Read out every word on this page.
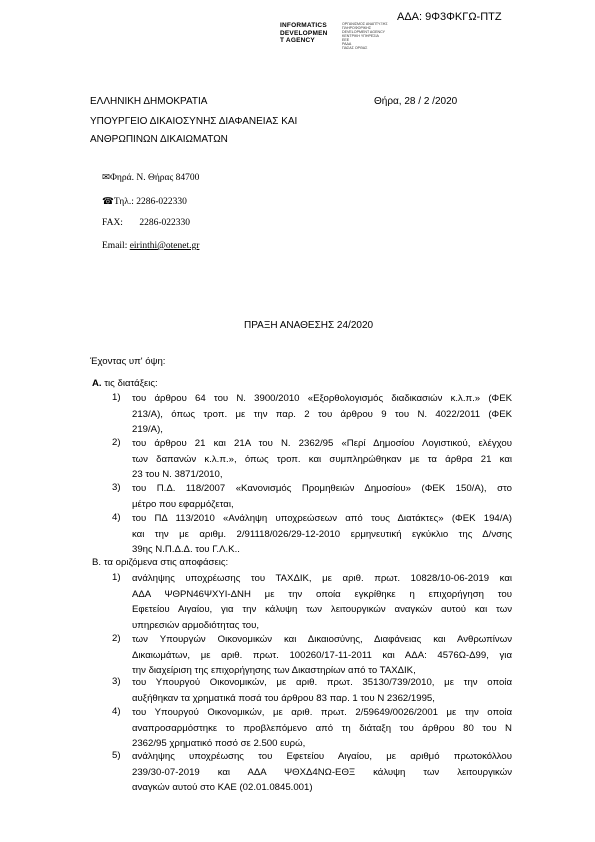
ΑΔΑ: 9Φ3ΦΚΓΩ-ΠΤΖ
INFORMATICS
DEVELOPMEN
T AGENCY
ΟΡΓΑΝΙΣΜΟΣ ΑΝΑΠΤΥΞΗΣ
ΠΛΗΡΟΦΟΡΙΚΗΣ
DEVELOPMENT AGENCY
ΚΕΝΤΡΙΚΗ ΥΠΗΡΕΣΙΑ
ΕΕΕ
ΡΑΔΑ
ΠΑΣΑΣ ΟΡΘΑΣ
ΕΛΛΗΝΙΚΗ ΔΗΜΟΚΡΑΤΙΑ
ΥΠΟΥΡΓΕΙΟ ΔΙΚΑΙΟΣΥΝΗΣ ΔΙΑΦΑΝΕΙΑΣ ΚΑΙ
ΑΝΘΡΩΠΙΝΩΝ ΔΙΚΑΙΩΜΑΤΩΝ
Θήρα, 28 / 2 /2020
✉Φηρά. Ν. Θήρας 84700
☎Τηλ.: 2286-022330
FAX: 2286-022330
Email: eirinthi@otenet.gr
ΠΡΑΞΗ ΑΝΑΘΕΣΗΣ 24/2020
Έχοντας υπ' όψη:
Α. τις διατάξεις:
1) του άρθρου 64 του Ν. 3900/2010 «Εξορθολογισμός διαδικασιών κ.λ.π.» (ΦΕΚ
213/Α), όπως τροπ. με την παρ. 2 του άρθρου 9 του Ν. 4022/2011 (ΦΕΚ
219/Α),
2) του άρθρου 21 και 21Α του Ν. 2362/95 «Περί Δημοσίου Λογιστικού, ελέγχου
των δαπανών κ.λ.π.», όπως τροπ. και συμπληρώθηκαν με τα άρθρα 21 και
23 του Ν. 3871/2010,
3) του Π.Δ. 118/2007 «Κανονισμός Προμηθειών Δημοσίου» (ΦΕΚ 150/Α), στο
μέτρο που εφαρμόζεται,
4) του ΠΔ 113/2010 «Ανάληψη υποχρεώσεων από τους Διατάκτες» (ΦΕΚ 194/Α)
και την με αριθμ. 2/91118/026/29-12-2010 ερμηνευτική εγκύκλιο της Δ/νσης
39ης Ν.Π.Δ.Δ. του Γ.Λ.Κ..
Β. τα οριζόμενα στις αποφάσεις:
1) ανάληψης υποχρέωσης του ΤΑΧΔΙΚ, με αριθ. πρωτ. 10828/10-06-2019 και
ΑΔΑ ΨΘΡΝ46ΨΧΥΙ-ΔΝΗ με την οποία εγκρίθηκε η επιχορήγηση του
Εφετείου Αιγαίου, για την κάλυψη των λειτουργικών αναγκών αυτού και των
υπηρεσιών αρμοδιότητας του,
2) των Υπουργών Οικονομικών και Δικαιοσύνης, Διαφάνειας και Ανθρωπίνων
Δικαιωμάτων, με αριθ. πρωτ. 100260/17-11-2011 και ΑΔΑ: 4576Ω-Δ99, για
την διαχείριση της επιχορήγησης των Δικαστηρίων από το ΤΑΧΔΙΚ,
3) του Υπουργού Οικονομικών, με αριθ. πρωτ. 35130/739/2010, με την οποία
αυξήθηκαν τα χρηματικά ποσά του άρθρου 83 παρ. 1 του Ν 2362/1995,
4) του Υπουργού Οικονομικών, με αριθ. πρωτ. 2/59649/0026/2001 με την οποία
αναπροσαρμόστηκε το προβλεπόμενο από τη διάταξη του άρθρου 80 του Ν
2362/95 χρηματικό ποσό σε 2.500 ευρώ,
5) ανάληψης υποχρέωσης του Εφετείου Αιγαίου, με αριθμό πρωτοκόλλου
239/30-07-2019 και ΑΔΑ ΨΘΧΔ4ΝΩ-ΕΘΞ κάλυψη των λειτουργικών
αναγκών αυτού στο ΚΑΕ (02.01.0845.001)
